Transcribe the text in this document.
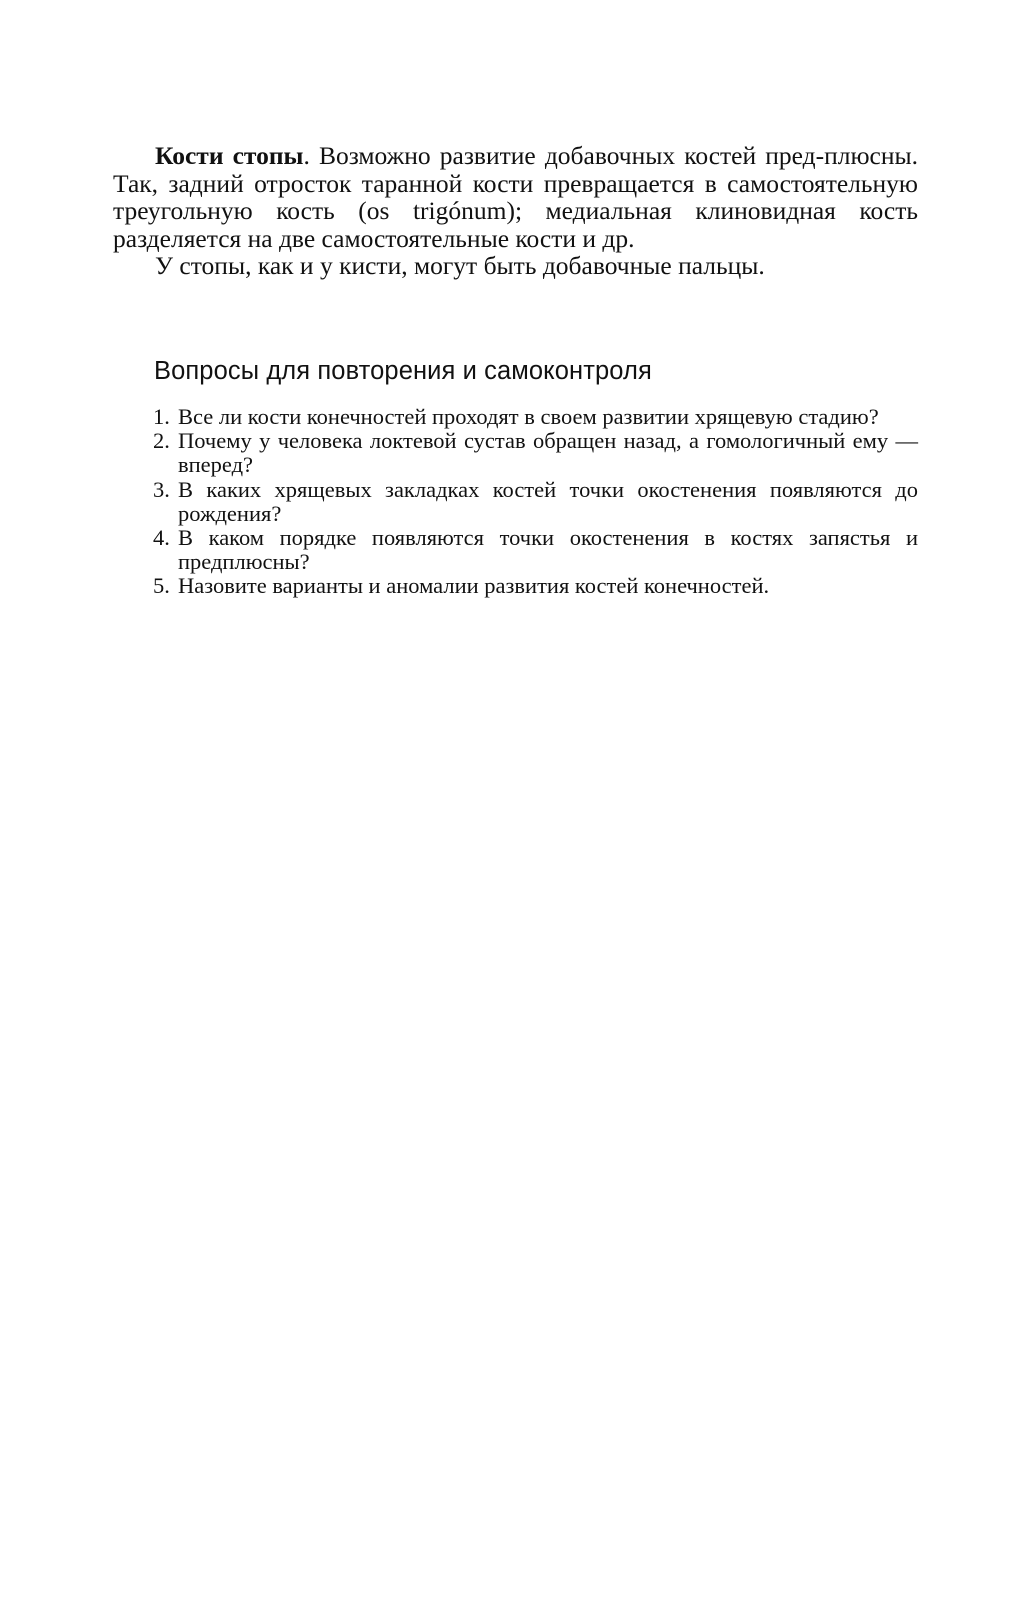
Кости стопы. Возможно развитие добавочных костей пред-плюсны. Так, задний отросток таранной кости превращается в самостоятельную треугольную кость (os trigónum); медиальная клиновидная кость разделяется на две самостоятельные кости и др.

У стопы, как и у кисти, могут быть добавочные пальцы.

Вопросы для повторения и самоконтроля
1. Все ли кости конечностей проходят в своем развитии хрящевую стадию?
2. Почему у человека локтевой сустав обращен назад, а гомологичный ему — вперед?
3. В каких хрящевых закладках костей точки окостенения появляются до рождения?
4. В каком порядке появляются точки окостенения в костях запястья и предплюсны?
5. Назовите варианты и аномалии развития костей конечностей.
